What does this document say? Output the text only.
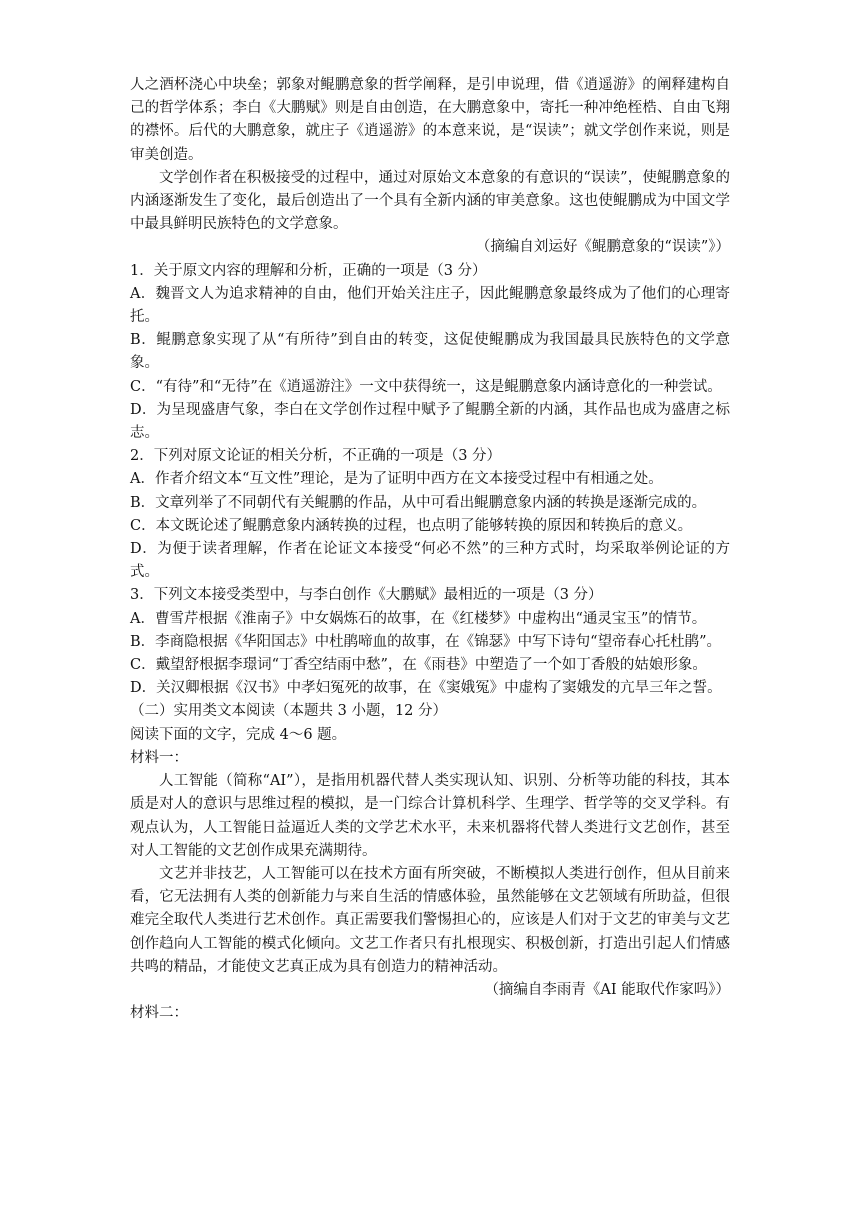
人之酒杯浇心中块垒；郭象对鲲鹏意象的哲学阐释，是引申说理，借《逍遥游》的阐释建构自己的哲学体系；李白《大鹏赋》则是自由创造，在大鹏意象中，寄托一种冲绝桎梏、自由飞翔的襟怀。后代的大鹏意象，就庄子《逍遥游》的本意来说，是“误读”；就文学创作来说，则是审美创造。

文学创作者在积极接受的过程中，通过对原始文本意象的有意识的“误读”，使鲲鹏意象的内涵逐渐发生了变化，最后创造出了一个具有全新内涵的审美意象。这也使鲲鹏成为中国文学中最具鲜明民族特色的文学意象。

（摘编自刘运好《鲲鹏意象的“误读”》）

1．关于原文内容的理解和分析，正确的一项是（3 分）

A．魏晋文人为追求精神的自由，他们开始关注庄子，因此鲲鹏意象最终成为了他们的心理寄托。

B．鲲鹏意象实现了从“有所待”到自由的转变，这促使鲲鹏成为我国最具民族特色的文学意象。

C．“有待”和“无待”在《逍遥游注》一文中获得统一，这是鲲鹏意象内涵诗意化的一种尝试。

D．为呈现盛唐气象，李白在文学创作过程中赋予了鲲鹏全新的内涵，其作品也成为盛唐之标志。

2．下列对原文论证的相关分析，不正确的一项是（3 分）

A．作者介绍文本“互文性”理论，是为了证明中西方在文本接受过程中有相通之处。

B．文章列举了不同朝代有关鲲鹏的作品，从中可看出鲲鹏意象内涵的转换是逐渐完成的。

C．本文既论述了鲲鹏意象内涵转换的过程，也点明了能够转换的原因和转换后的意义。

D．为便于读者理解，作者在论证文本接受“何必不然”的三种方式时，均采取举例论证的方式。

3．下列文本接受类型中，与李白创作《大鹏赋》最相近的一项是（3 分）

A．曹雪芹根据《淮南子》中女娲炼石的故事，在《红楼梦》中虚构出“通灵宝玉”的情节。

B．李商隐根据《华阳国志》中杜鹃啼血的故事，在《锦瑟》中写下诗句“望帝春心托杜鹃”。

C．戴望舒根据李璟词“丁香空结雨中愁”，在《雨巷》中塑造了一个如丁香般的姑娘形象。

D．关汉卿根据《汉书》中孝妇冤死的故事，在《窦娥冤》中虚构了窦娥发的亢旱三年之誓。

（二）实用类文本阅读（本题共 3 小题，12 分）

阅读下面的文字，完成 4～6 题。

材料一：

人工智能（简称“AI”），是指用机器代替人类实现认知、识别、分析等功能的科技，其本质是对人的意识与思维过程的模拟，是一门综合计算机科学、生理学、哲学等的交叉学科。有观点认为，人工智能日益逼近人类的文学艺术水平，未来机器将代替人类进行文艺创作，甚至对人工智能的文艺创作成果充满期待。

文艺并非技艺，人工智能可以在技术方面有所突破，不断模拟人类进行创作，但从目前来看，它无法拥有人类的创新能力与来自生活的情感体验，虽然能够在文艺领域有所助益，但很难完全取代人类进行艺术创作。真正需要我们警惕担心的，应该是人们对于文艺的审美与文艺创作趋向人工智能的模式化倾向。文艺工作者只有扎根现实、积极创新，打造出引起人们情感共鸣的精品，才能使文艺真正成为具有创造力的精神活动。

（摘编自李雨青《AI 能取代作家吗》）

材料二：
